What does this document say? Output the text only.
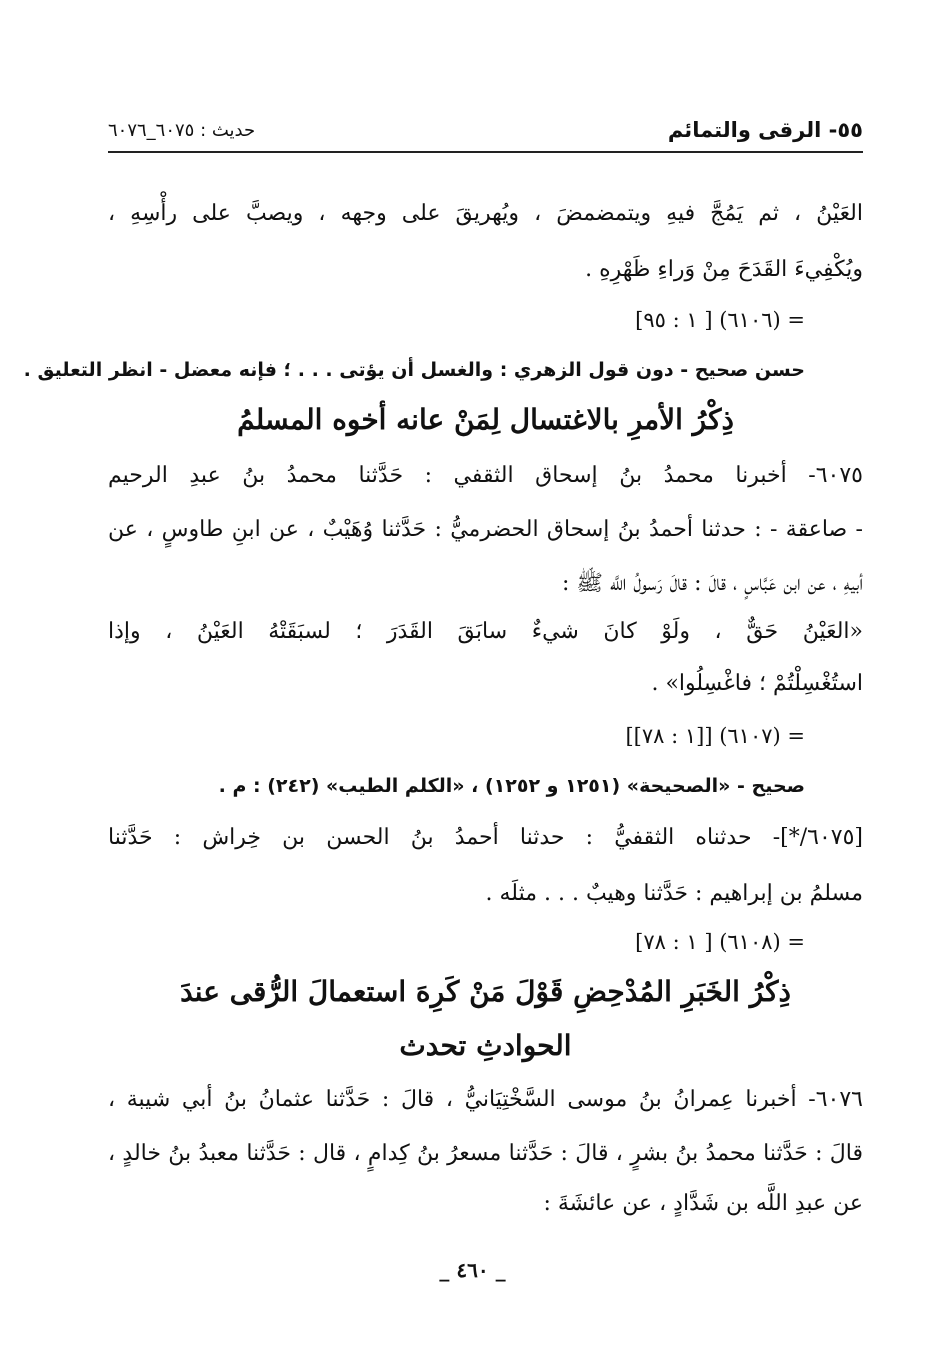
٥٥- الرقى والتمائم
حديث : ٦٠٧٥_٦٠٧٦
العَيْنُ ، ثم يَمُجَّ فيهِ ويتمضمضَ ، ويُهريقَ على وجهه ، ويصبَّ على رأْسِهِ ،
ويُكْفِيءَ القَدَحَ مِنْ وَراءِ ظَهْرِهِ .
= (٦١٠٦) [ ١ : ٩٥]
حسن صحيح - دون قول الزهري : والغسل أن يؤتى . . . ؛ فإنه معضل - انظر التعليق .
ذِكْرُ الأمرِ بالاغتسال لِمَنْ عانه أخوه المسلمُ
٦٠٧٥- أخبرنا محمدُ بنُ إسحاق الثقفي : حَدَّثنا محمدُ بنُ عبدِ الرحيم
- صاعقة - : حدثنا أحمدُ بنُ إسحاق الحضرميُّ : حَدَّثنا وُهَيْبٌ ، عن ابنِ طاوسٍ ، عن
أبيهِ ، عن ابن عَبَّاسٍ ، قالَ : قالَ رَسولُ اللَّه ﷺ :
«العَيْنُ حَقٌّ ، ولَوْ كانَ شيءٌ سابَقَ القَدَرَ ؛ لسبَقَتْهُ العَيْنُ ، وإذا
استُغْسِلْتُمْ ؛ فاغْسِلُوا» .
= (٦١٠٧) [[١ : ٧٨]]
صحيح - «الصحيحة» (١٢٥١ و ١٢٥٢) ، «الكلم الطيب» (٢٤٢) : م .
[٦٠٧٥/*]- حدثناه الثقفيُّ : حدثنا أحمدُ بنُ الحسن بن خِراش : حَدَّثنا
مسلمُ بن إبراهيم : حَدَّثنا وهيبٌ . . . مثلَه .
= (٦١٠٨) [ ١ : ٧٨]
ذِكْرُ الخَبَرِ المُدْحِضِ قَوْلَ مَنْ كَرِهَ استعمالَ الرُّقى عندَ
الحوادثِ تحدث
٦٠٧٦- أخبرنا عِمرانُ بنُ موسى السَّخْتِيَانيُّ ، قالَ : حَدَّثنا عثمانُ بنُ أبي شيبة ،
قالَ : حَدَّثنا محمدُ بنُ بشرٍ ، قالَ : حَدَّثنا مسعرُ بنُ كِدامٍ ، قال : حَدَّثنا معبدُ بنُ خالدٍ ،
عن عبدِ اللَّه بن شَدَّادٍ ، عن عائشَةَ :
_ ٤٦٠ _
